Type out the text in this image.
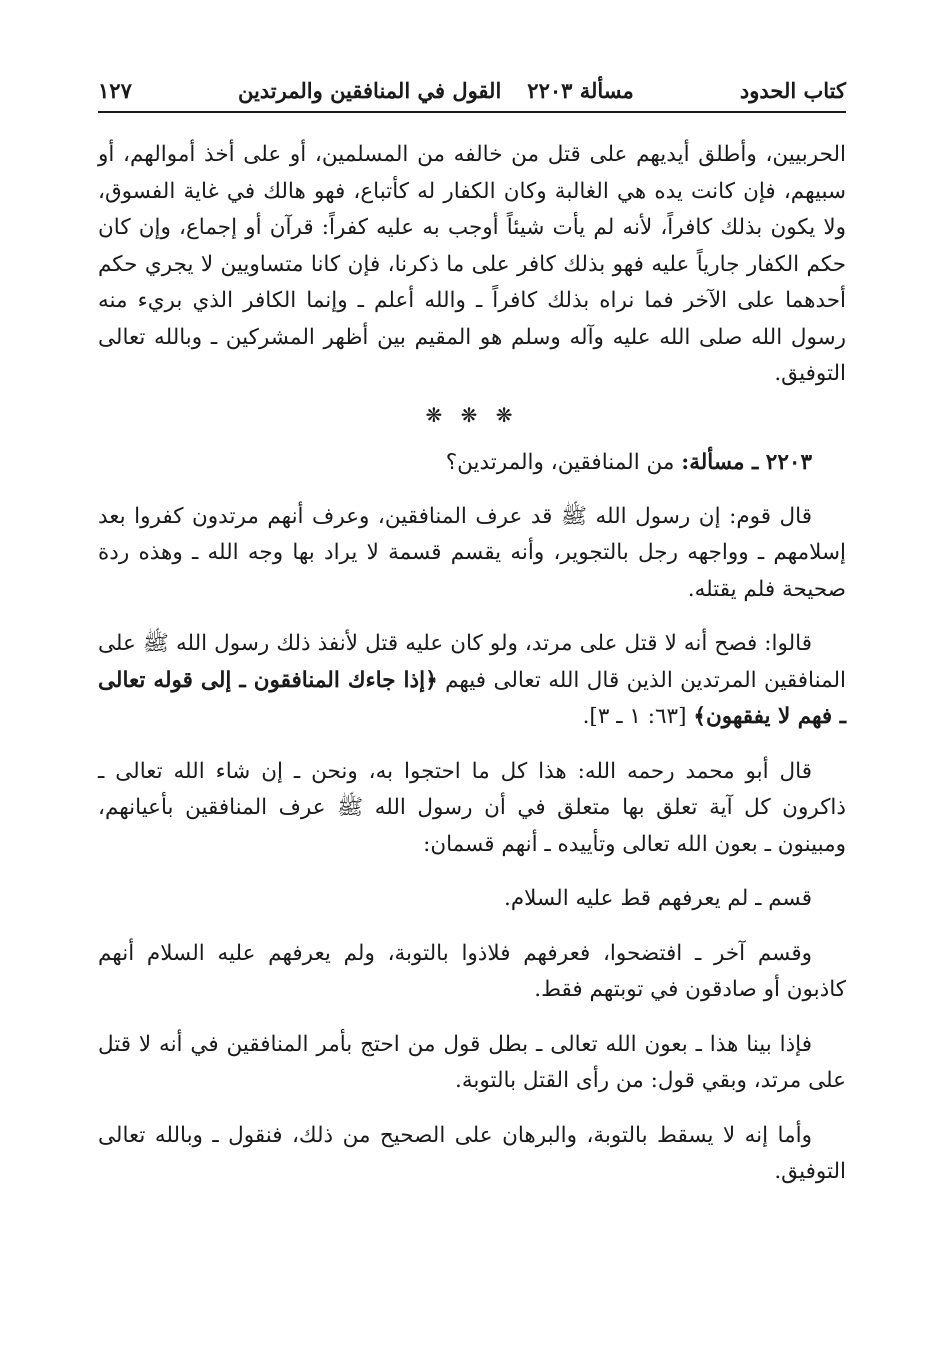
كتاب الحدود
مسألة ٢٢٠٣
القول في المنافقين والمرتدين
١٢٧

الحربيين، وأطلق أيديهم على قتل من خالفه من المسلمين، أو على أخذ أموالهم، أو سبيهم، فإن كانت يده هي الغالبة وكان الكفار له كأتباع، فهو هالك في غاية الفسوق، ولا يكون بذلك كافراً، لأنه لم يأت شيئاً أوجب به عليه كفراً: قرآن أو إجماع، وإن كان حكم الكفار جارياً عليه فهو بذلك كافر على ما ذكرنا، فإن كانا متساويين لا يجري حكم أحدهما على الآخر فما نراه بذلك كافراً ـ والله أعلم ـ وإنما الكافر الذي بريء منه رسول الله صلى الله عليه وآله وسلم هو المقيم بين أظهر المشركين ـ وبالله تعالى التوفيق.

❋ ❋ ❋
٢٢٠٣ ـ مسألة: من المنافقين، والمرتدين؟

قال قوم: إن رسول الله ﷺ قد عرف المنافقين، وعرف أنهم مرتدون كفروا بعد إسلامهم ـ وواجهه رجل بالتجوير، وأنه يقسم قسمة لا يراد بها وجه الله ـ وهذه ردة صحيحة فلم يقتله.

قالوا: فصح أنه لا قتل على مرتد، ولو كان عليه قتل لأنفذ ذلك رسول الله ﷺ على المنافقين المرتدين الذين قال الله تعالى فيهم ﴿إذا جاءك المنافقون ـ إلى قوله تعالى ـ فهم لا يفقهون﴾ [٦٣: ١ ـ ٣].

قال أبو محمد رحمه الله: هذا كل ما احتجوا به، ونحن ـ إن شاء الله تعالى ـ ذاكرون كل آية تعلق بها متعلق في أن رسول الله ﷺ عرف المنافقين بأعيانهم، ومبينون ـ بعون الله تعالى وتأييده ـ أنهم قسمان:

قسم ـ لم يعرفهم قط عليه السلام.

وقسم آخر ـ افتضحوا، فعرفهم فلاذوا بالتوبة، ولم يعرفهم عليه السلام أنهم كاذبون أو صادقون في توبتهم فقط.

فإذا بينا هذا ـ بعون الله تعالى ـ بطل قول من احتج بأمر المنافقين في أنه لا قتل على مرتد، وبقي قول: من رأى القتل بالتوبة.

وأما إنه لا يسقط بالتوبة، والبرهان على الصحيح من ذلك، فنقول ـ وبالله تعالى التوفيق.
